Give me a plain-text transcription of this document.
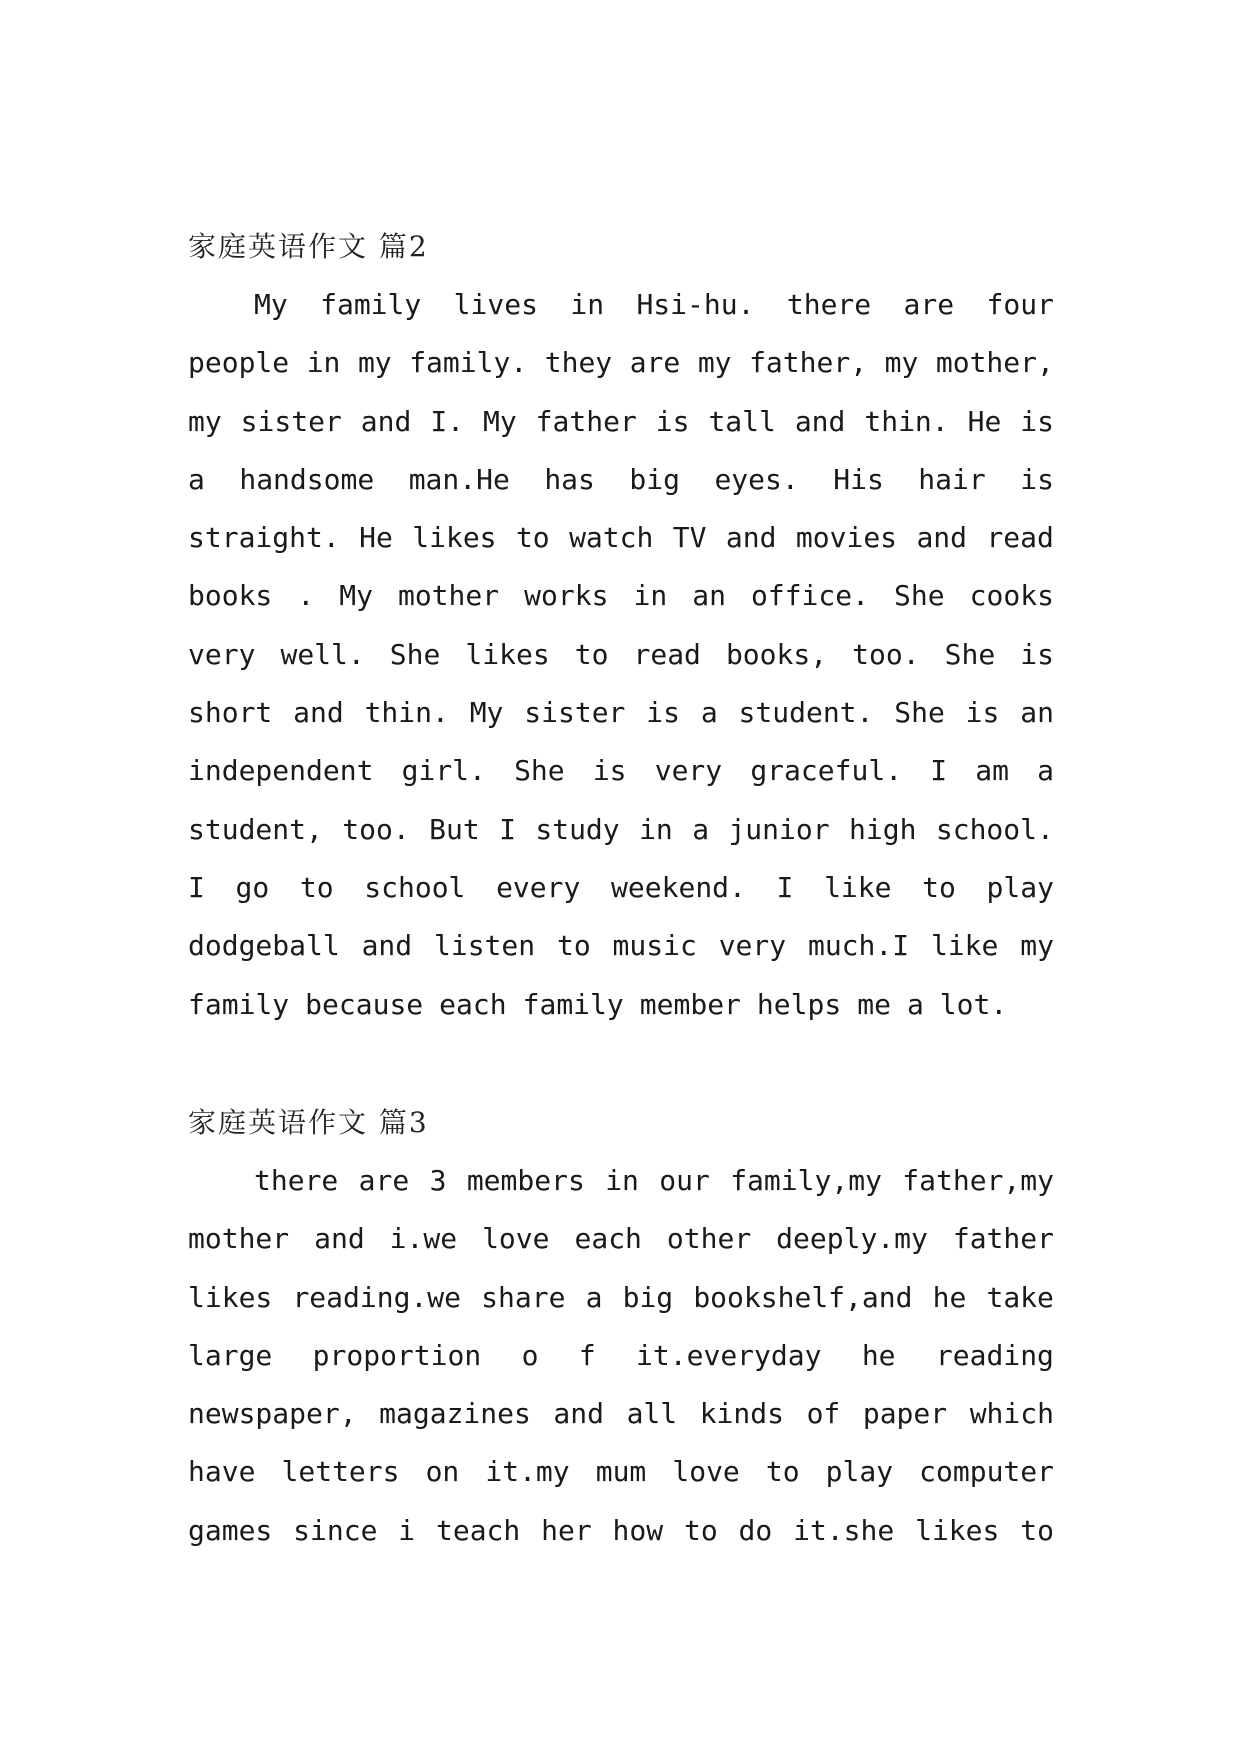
家庭英语作文 篇2
My family lives in Hsi-hu. there are four
people in my family. they are my father, my mother,
my sister and I. My father is tall and thin. He is
a handsome man.He has big eyes. His hair is
straight. He likes to watch TV and movies and read
books . My mother works in an office. She cooks
very well. She likes to read books, too. She is
short and thin. My sister is a student. She is an
independent girl. She is very graceful. I am a
student, too. But I study in a junior high school.
I go to school every weekend. I like to play
dodgeball and listen to music very much.I like my
family because each family member helps me a lot.
家庭英语作文 篇3
there are 3 members in our family,my father,my
mother and i.we love each other deeply.my father
likes reading.we share a big bookshelf,and he take
large proportion o f it.everyday he reading
newspaper, magazines and all kinds of paper which
have letters on it.my mum love to play computer
games since i teach her how to do it.she likes to
